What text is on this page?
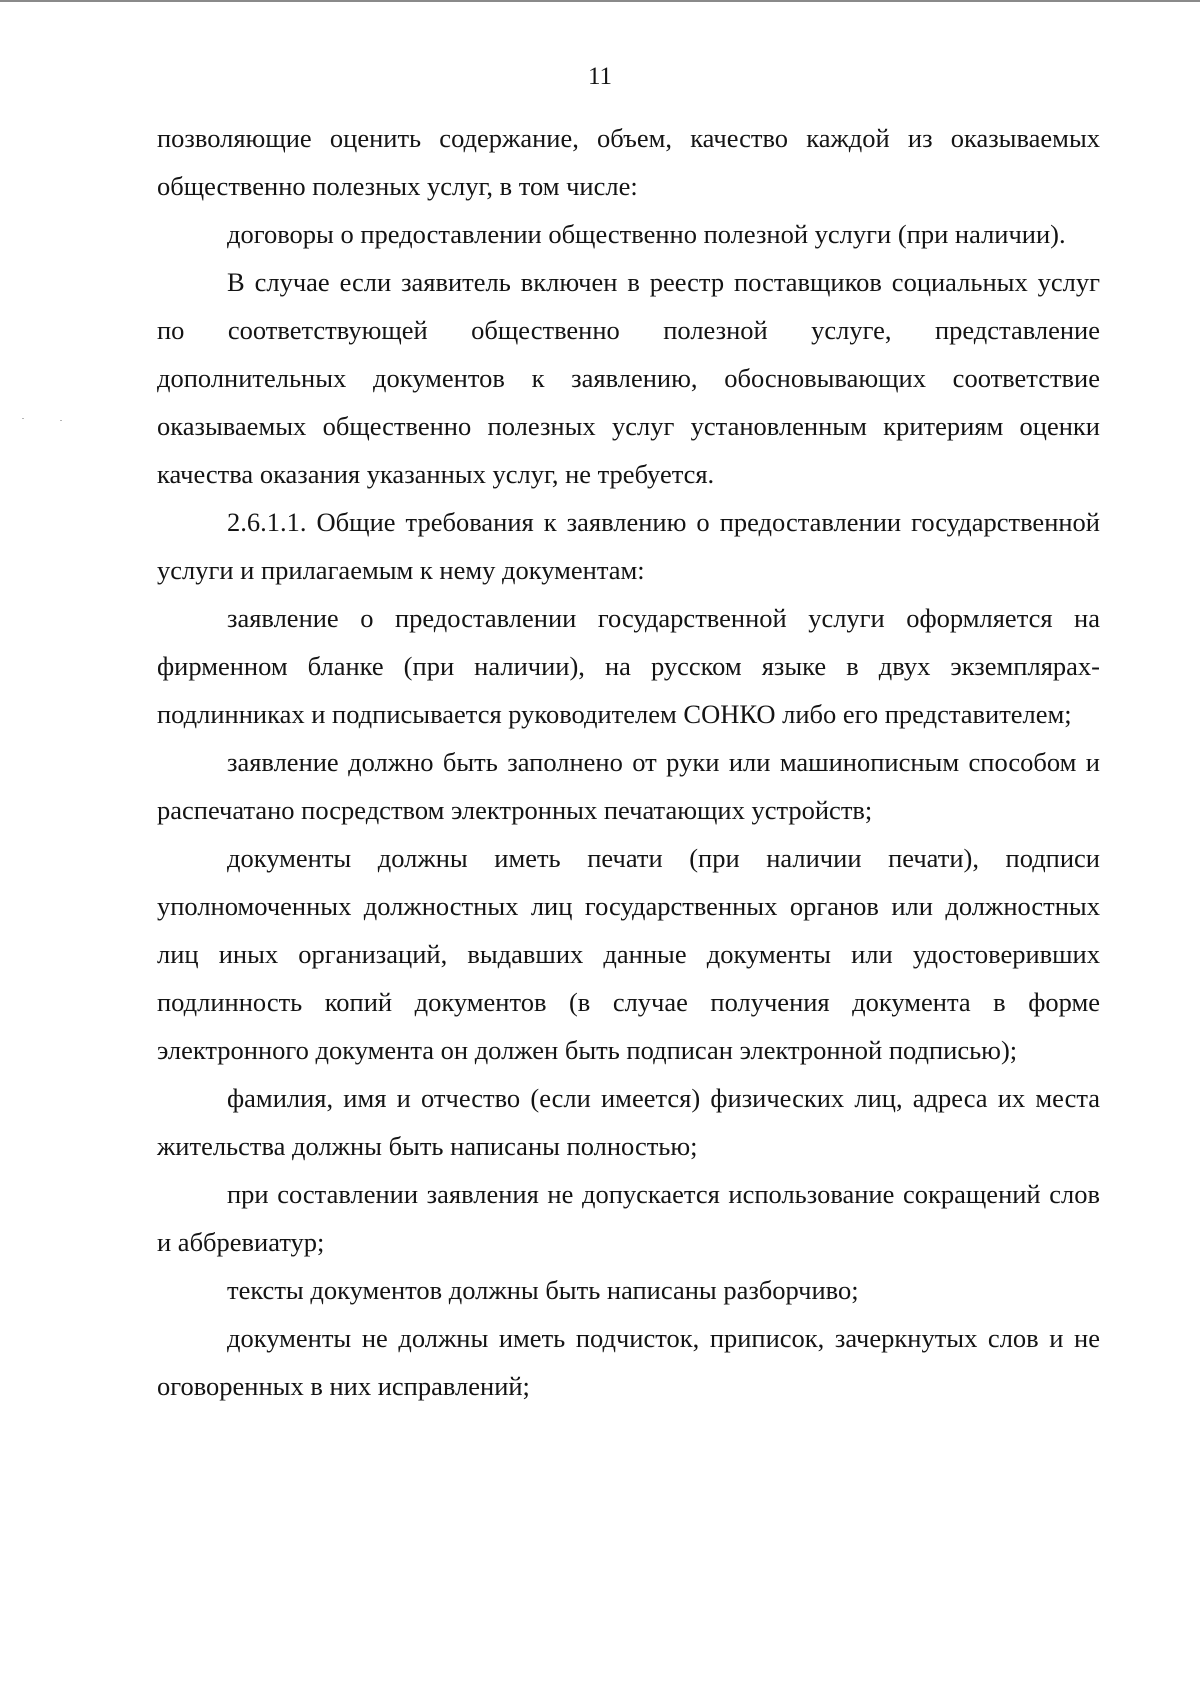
11

позволяющие оценить содержание, объем, качество каждой из оказываемых общественно полезных услуг, в том числе:

договоры о предоставлении общественно полезной услуги (при наличии).

В случае если заявитель включен в реестр поставщиков социальных услуг по соответствующей общественно полезной услуге, представление дополнительных документов к заявлению, обосновывающих соответствие оказываемых общественно полезных услуг установленным критериям оценки качества оказания указанных услуг, не требуется.

2.6.1.1. Общие требования к заявлению о предоставлении государственной услуги и прилагаемым к нему документам:

заявление о предоставлении государственной услуги оформляется на фирменном бланке (при наличии), на русском языке в двух экземплярах-подлинниках и подписывается руководителем СОНКО либо его представителем;

заявление должно быть заполнено от руки или машинописным способом и распечатано посредством электронных печатающих устройств;

документы должны иметь печати (при наличии печати), подписи уполномоченных должностных лиц государственных органов или должностных лиц иных организаций, выдавших данные документы или удостоверивших подлинность копий документов (в случае получения документа в форме электронного документа он должен быть подписан электронной подписью);

фамилия, имя и отчество (если имеется) физических лиц, адреса их места жительства должны быть написаны полностью;

при составлении заявления не допускается использование сокращений слов и аббревиатур;

тексты документов должны быть написаны разборчиво;

документы не должны иметь подчисток, приписок, зачеркнутых слов и не оговоренных в них исправлений;
